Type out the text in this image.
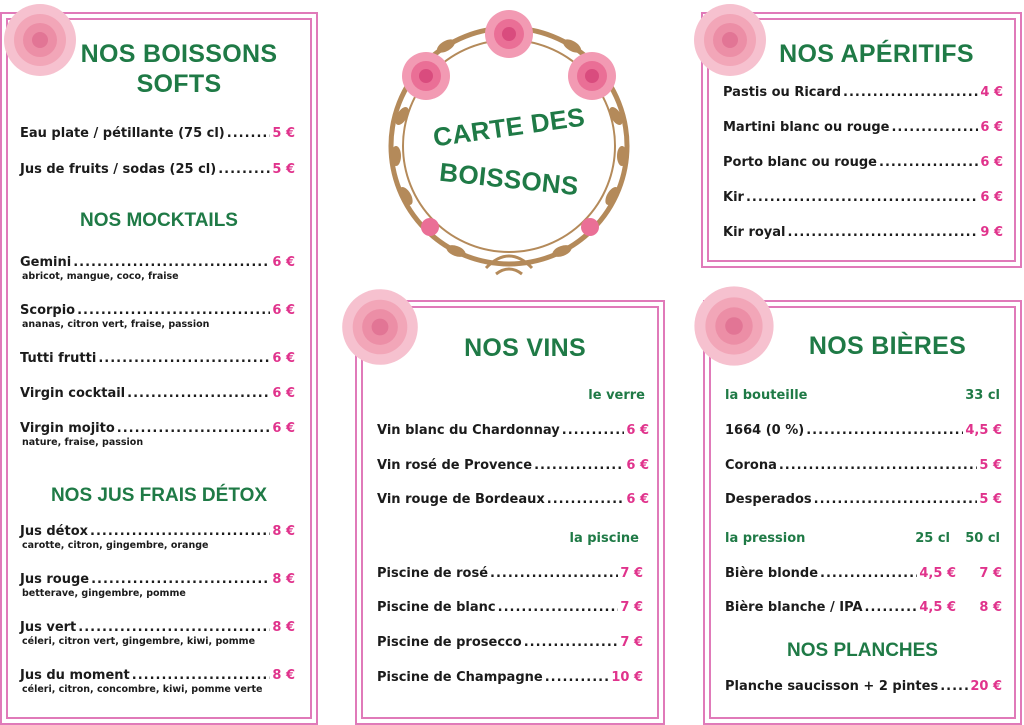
NOS BOISSONS
SOFTS
Eau plate / pétillante (75 cl) .....	5 €
Jus de fruits / sodas (25 cl) .....	5 €
NOS MOCKTAILS
Gemini .....	6 €
abricot, mangue, coco, fraise
Scorpio .....	6 €
ananas, citron vert, fraise, passion
Tutti frutti .....	6 €
Virgin cocktail .....	6 €
Virgin mojito .....	6 €
nature, fraise, passion
NOS JUS FRAIS DÉTOX
Jus détox .....	8 €
carotte, citron, gingembre, orange
Jus rouge .....	8 €
betterave, gingembre, pomme
Jus vert .....	8 €
céleri, citron vert, gingembre, kiwi, pomme
Jus du moment .....	8 €
céleri, citron, concombre, kiwi, pomme verte
CARTE DES
BOISSONS
NOS APÉRITIFS
Pastis ou Ricard .....	4 €
Martini blanc ou rouge .....	6 €
Porto blanc ou rouge .....	6 €
Kir .....	6 €
Kir royal .....	9 €
NOS VINS
le verre
Vin blanc du Chardonnay .....	6 €
Vin rosé de Provence .....	6 €
Vin rouge de Bordeaux .....	6 €
la piscine
Piscine de rosé .....	7 €
Piscine de blanc .....	7 €
Piscine de prosecco .....	7 €
Piscine de Champagne .....	10 €
NOS BIÈRES
la bouteille	33 cl
1664 (0 %) .....	4,5 €
Corona .....	5 €
Desperados .....	5 €
la pression	25 cl 50 cl
Bière blonde .....	4,5 €	7 €
Bière blanche / IPA .....	4,5 €	8 €
NOS PLANCHES
Planche saucisson + 2 pintes ..... 20 €
